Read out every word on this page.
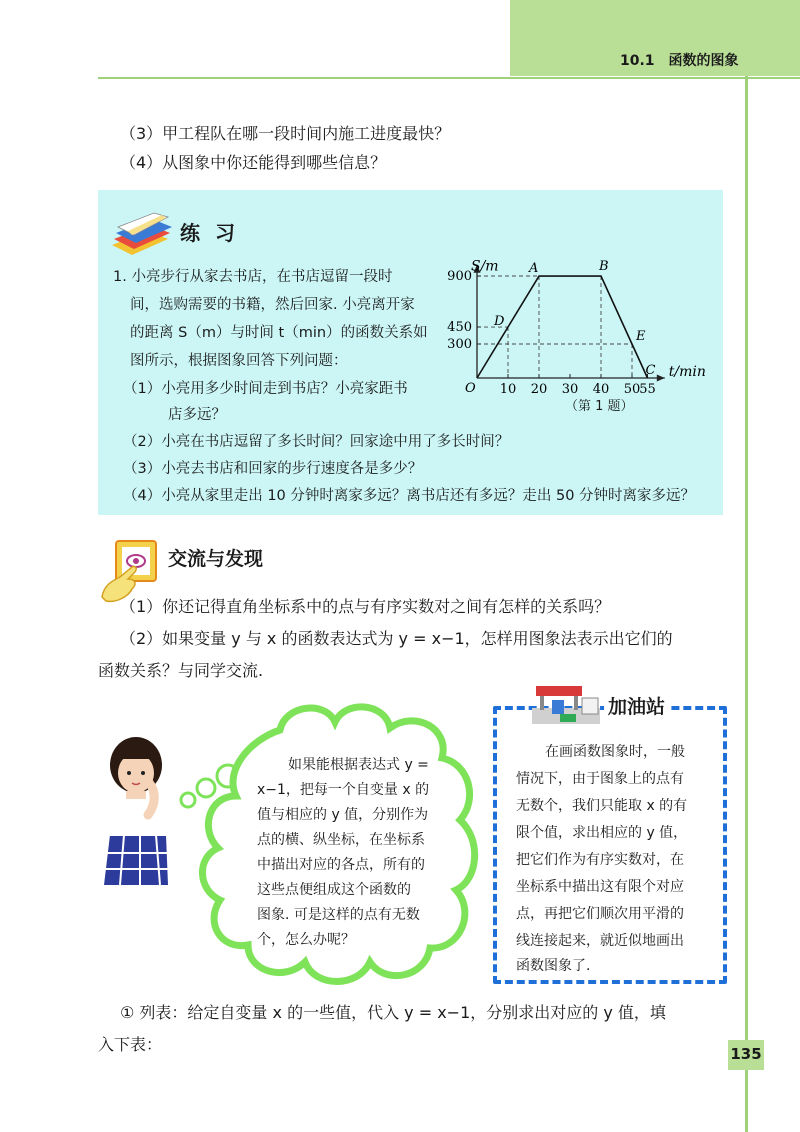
10.1　函数的图象
（3）甲工程队在哪一段时间内施工进度最快？
（4）从图象中你还能得到哪些信息？
练 习
1. 小亮步行从家去书店，在书店逗留一段时
间，选购需要的书籍，然后回家. 小亮离开家
的距离 S（m）与时间 t（min）的函数关系如
图所示，根据图象回答下列问题：
（1）小亮用多少时间走到书店？小亮家距书
店多远？
（2）小亮在书店逗留了多长时间？回家途中用了多长时间？
（3）小亮去书店和回家的步行速度各是多少？
（4）小亮从家里走出 10 分钟时离家多远？离书店还有多远？走出 50 分钟时离家多远？
t/min
S/m
O 10 20 30 40 50
55
300
450
900
A	B
C
D
E
（第 1 题）
交流与发现
（1）你还记得直角坐标系中的点与有序实数对之间有怎样的关系吗？
（2）如果变量 y 与 x 的函数表达式为 y = x−1，怎样用图象法表示出它们的
函数关系？与同学交流.
如果能根据表达式 y =
x−1，把每一个自变量 x 的
值与相应的 y 值，分别作为
点的横、纵坐标，在坐标系
中描出对应的各点，所有的
这些点便组成这个函数的
图象. 可是这样的点有无数
个，怎么办呢？
加油站
在画函数图象时，一般
情况下，由于图象上的点有
无数个，我们只能取 x 的有
限个值，求出相应的 y 值，
把它们作为有序实数对，在
坐标系中描出这有限个对应
点，再把它们顺次用平滑的
线连接起来，就近似地画出
函数图象了.
① 列表：给定自变量 x 的一些值，代入 y = x−1，分别求出对应的 y 值，填
入下表：	135
